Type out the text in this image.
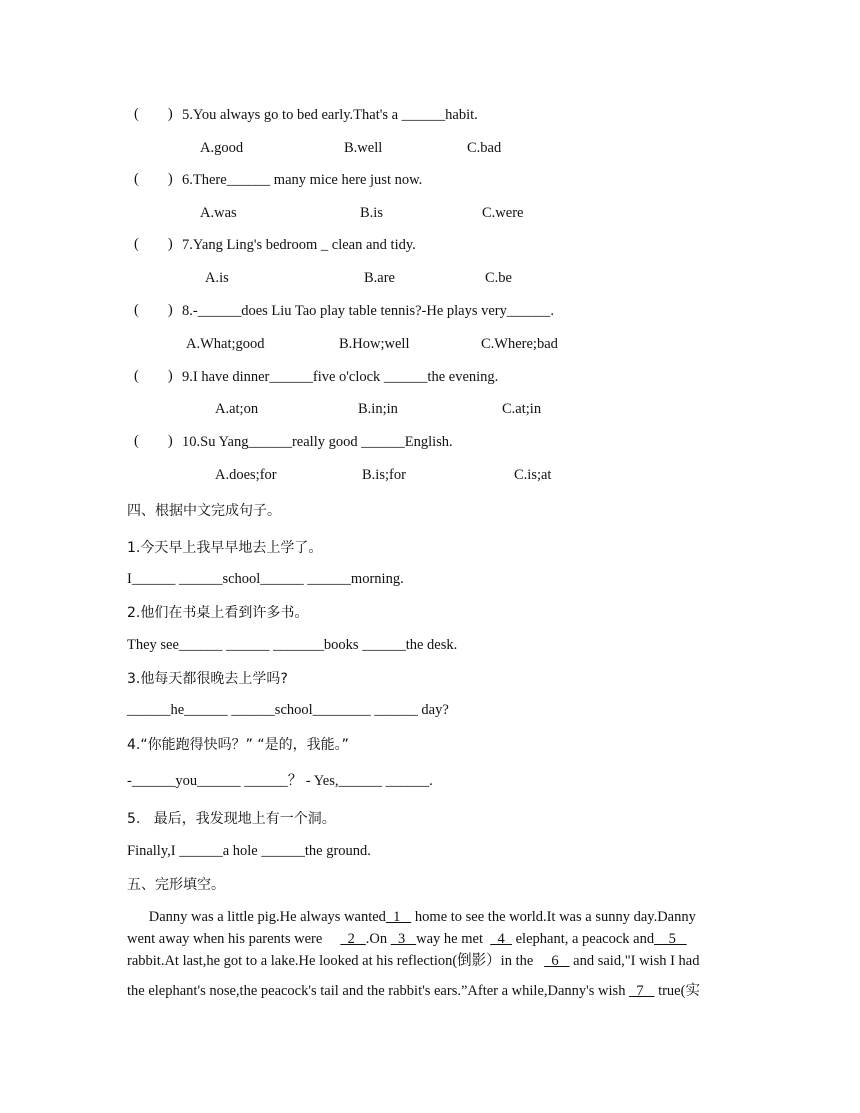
(        ) 5.You always go to bed early.That's a ______habit.
A.good	B.well	C.bad
(        ) 6.There______ many mice here just now.
A.was	B.is	C.were
(        ) 7.Yang Ling's bedroom _ clean and tidy.
A.is	B.are	C.be
(        ) 8.-______does Liu Tao play table tennis?-He plays very______.
A.What;good	B.How;well	C.Where;bad
(        ) 9.I have dinner______five o'clock ______the evening.
A.at;on	B.in;in	C.at;in
(        ) 10.Su Yang______really good ______English.
A.does;for	B.is;for	C.is;at
四、根据中文完成句子。
1.今天早上我早早地去上学了。
I______ ______school______ ______morning.
2.他们在书桌上看到许多书。
They see______ ______ _______books ______the desk.
3.他每天都很晚去上学吗?
______he______ ______school________ ______ day?
4.“你能跑得快吗？” “是的，我能。”
-______you______ ______？ - Yes,______ ______.
5.   最后，我发现地上有一个洞。
Finally,I ______a hole ______the ground.
五、完形填空。
Danny was a little pig.He always wanted  1    home to see the world.It was a sunny day.Danny
went away when his parents were       2   .On   3   way he met    4   elephant, a peacock and    5
rabbit.At last,he got to a lake.He looked at his reflection(倒影）in the     6    and said,"I wish I had
the elephant's nose,the peacock's tail and the rabbit's ears.”After a while,Danny's wish   7    true(实
